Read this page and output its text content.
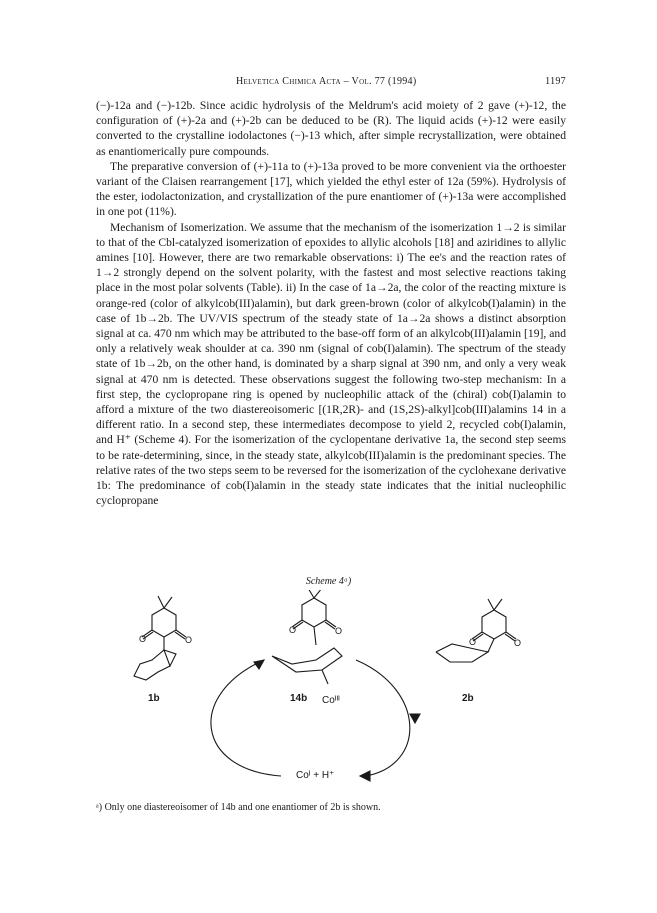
Helvetica Chimica Acta – Vol. 77 (1994)	1197

(−)-12a and (−)-12b. Since acidic hydrolysis of the Meldrum's acid moiety of 2 gave (+)-12, the configuration of (+)-2a and (+)-2b can be deduced to be (R). The liquid acids (+)-12 were easily converted to the crystalline iodolactones (−)-13 which, after simple recrystallization, were obtained as enantiomerically pure compounds.

The preparative conversion of (+)-11a to (+)-13a proved to be more convenient via the orthoester variant of the Claisen rearrangement [17], which yielded the ethyl ester of 12a (59%). Hydrolysis of the ester, iodolactonization, and crystallization of the pure enantiomer of (+)-13a were accomplished in one pot (11%).

Mechanism of Isomerization. We assume that the mechanism of the isomerization 1→2 is similar to that of the Cbl-catalyzed isomerization of epoxides to allylic alcohols [18] and aziridines to allylic amines [10]. However, there are two remarkable observations: i) The ee's and the reaction rates of 1→2 strongly depend on the solvent polarity, with the fastest and most selective reactions taking place in the most polar solvents (Table). ii) In the case of 1a→2a, the color of the reacting mixture is orange-red (color of alkylcob(III)alamin), but dark green-brown (color of alkylcob(I)alamin) in the case of 1b→2b. The UV/VIS spectrum of the steady state of 1a→2a shows a distinct absorption signal at ca. 470 nm which may be attributed to the base-off form of an alkylcob(III)alamin [19], and only a relatively weak shoulder at ca. 390 nm (signal of cob(I)alamin). The spectrum of the steady state of 1b→2b, on the other hand, is dominated by a sharp signal at 390 nm, and only a very weak signal at 470 nm is detected. These observations suggest the following two-step mechanism: In a first step, the cyclopropane ring is opened by nucleophilic attack of the (chiral) cob(I)alamin to afford a mixture of the two diastereoisomeric [(1R,2R)- and (1S,2S)-alkyl]cob(III)alamins 14 in a different ratio. In a second step, these intermediates decompose to yield 2, recycled cob(I)alamin, and H⁺ (Scheme 4). For the isomerization of the cyclopentane derivative 1a, the second step seems to be rate-determining, since, in the steady state, alkylcob(III)alamin is the predominant species. The relative rates of the two steps seem to be reversed for the isomerization of the cyclohexane derivative 1b: The predominance of cob(I)alamin in the steady state indicates that the initial nucleophilic cyclopropane

Scheme 4ᵃ)
O	O
O	O
O	O
1b	14b Coᴵᴵᴵ	2b
Coᴵ + H⁺
ᵃ) Only one diastereoisomer of 14b and one enantiomer of 2b is shown.
